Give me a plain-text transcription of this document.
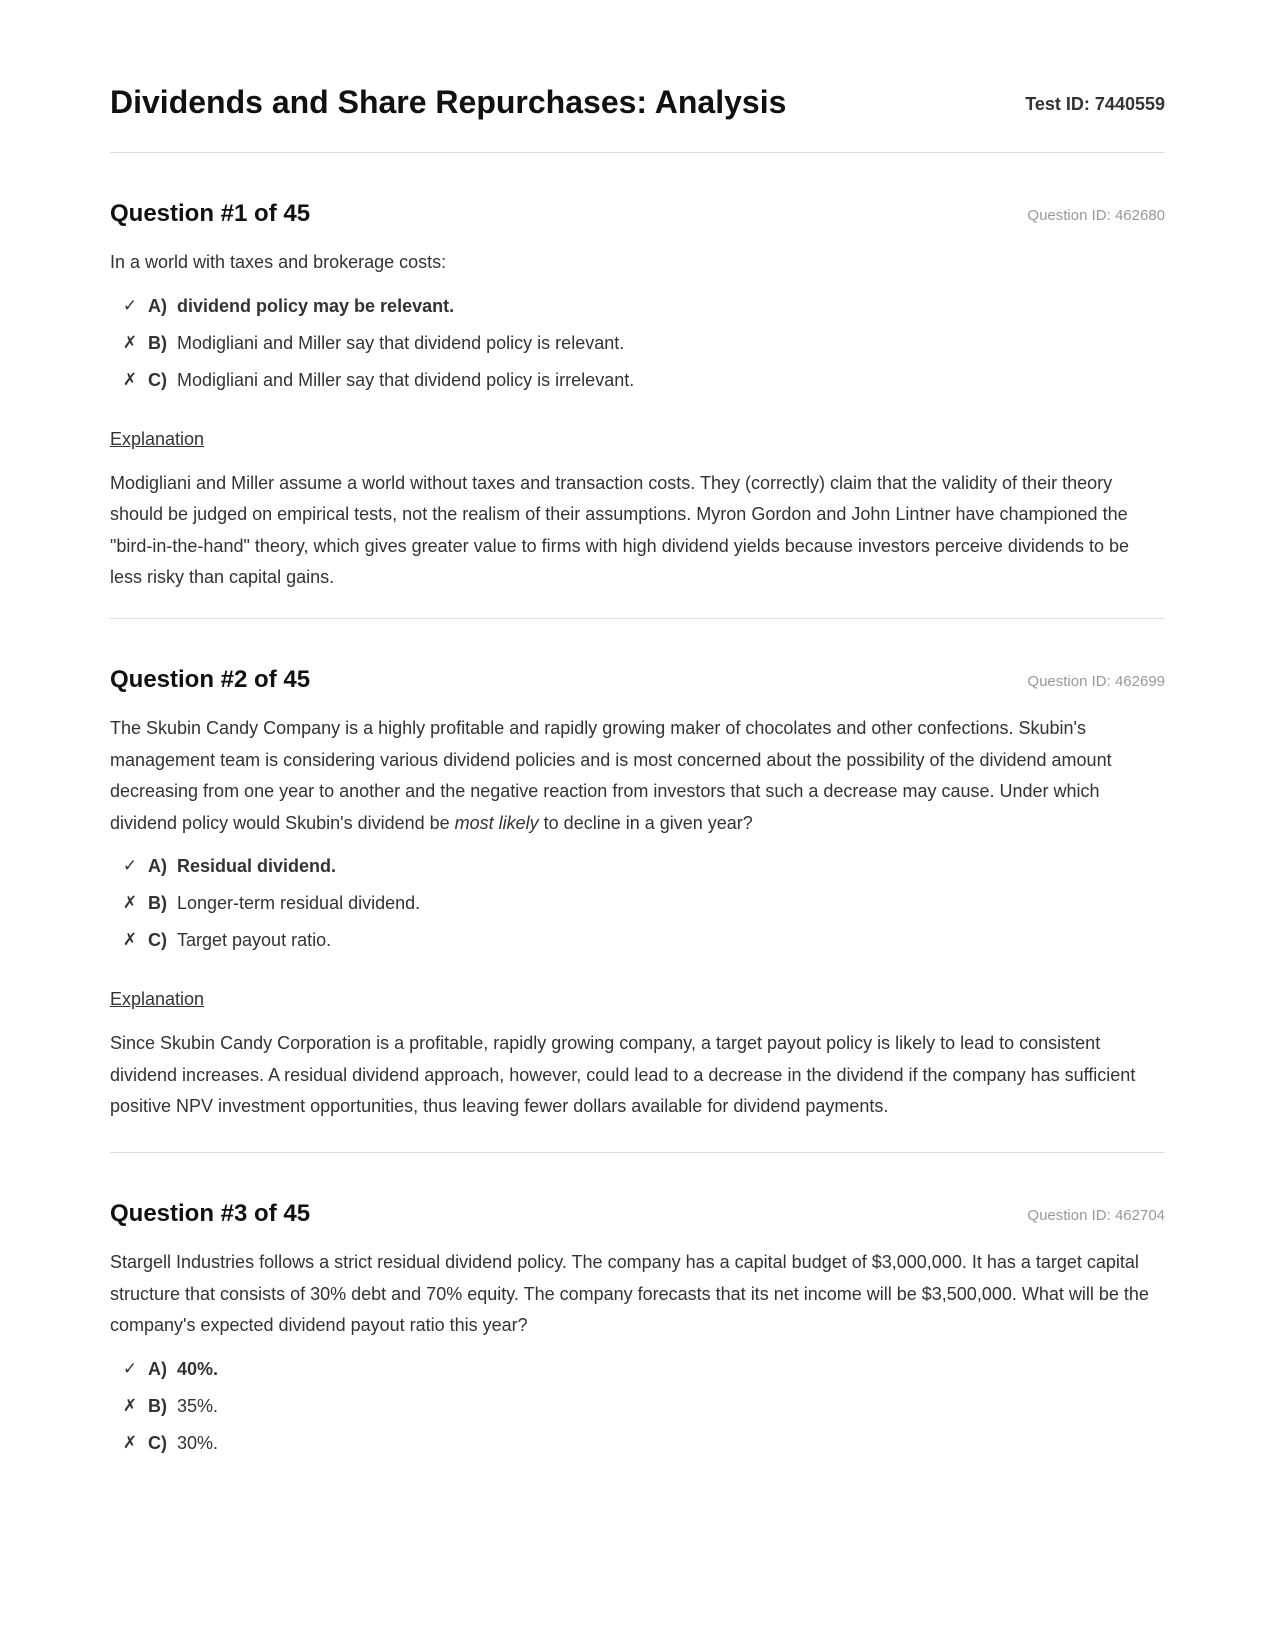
Dividends and Share Repurchases: Analysis	Test ID: 7440559
Question #1 of 45	Question ID: 462680

In a world with taxes and brokerage costs:

✓ A) dividend policy may be relevant.
✗ B) Modigliani and Miller say that dividend policy is relevant.
✗ C) Modigliani and Miller say that dividend policy is irrelevant.

Explanation

Modigliani and Miller assume a world without taxes and transaction costs. They (correctly) claim that the validity of their theory should be judged on empirical tests, not the realism of their assumptions. Myron Gordon and John Lintner have championed the "bird-in-the-hand" theory, which gives greater value to firms with high dividend yields because investors perceive dividends to be less risky than capital gains.

Question #2 of 45	Question ID: 462699

The Skubin Candy Company is a highly profitable and rapidly growing maker of chocolates and other confections. Skubin's management team is considering various dividend policies and is most concerned about the possibility of the dividend amount decreasing from one year to another and the negative reaction from investors that such a decrease may cause. Under which dividend policy would Skubin's dividend be most likely to decline in a given year?

✓ A) Residual dividend.
✗ B) Longer-term residual dividend.
✗ C) Target payout ratio.

Explanation

Since Skubin Candy Corporation is a profitable, rapidly growing company, a target payout policy is likely to lead to consistent dividend increases. A residual dividend approach, however, could lead to a decrease in the dividend if the company has sufficient positive NPV investment opportunities, thus leaving fewer dollars available for dividend payments.

Question #3 of 45	Question ID: 462704

Stargell Industries follows a strict residual dividend policy. The company has a capital budget of $3,000,000. It has a target capital structure that consists of 30% debt and 70% equity. The company forecasts that its net income will be $3,500,000. What will be the company's expected dividend payout ratio this year?

✓ A) 40%.
✗ B) 35%.
✗ C) 30%.
